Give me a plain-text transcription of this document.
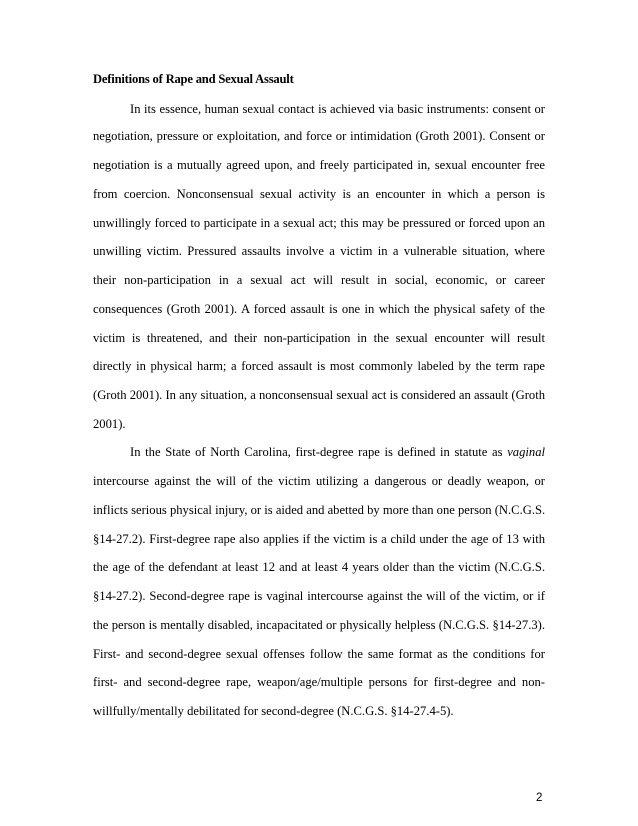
Definitions of Rape and Sexual Assault
In its essence, human sexual contact is achieved via basic instruments: consent or
negotiation, pressure or exploitation, and force or intimidation (Groth 2001). Consent or
negotiation is a mutually agreed upon, and freely participated in, sexual encounter free
from coercion. Nonconsensual sexual activity is an encounter in which a person is
unwillingly forced to participate in a sexual act; this may be pressured or forced upon an
unwilling victim. Pressured assaults involve a victim in a vulnerable situation, where
their non-participation in a sexual act will result in social, economic, or career
consequences (Groth 2001). A forced assault is one in which the physical safety of the
victim is threatened, and their non-participation in the sexual encounter will result
directly in physical harm; a forced assault is most commonly labeled by the term rape
(Groth 2001). In any situation, a nonconsensual sexual act is considered an assault (Groth
2001).
In the State of North Carolina, first-degree rape is defined in statute as vaginal
intercourse against the will of the victim utilizing a dangerous or deadly weapon, or
inflicts serious physical injury, or is aided and abetted by more than one person (N.C.G.S.
§14-27.2). First-degree rape also applies if the victim is a child under the age of 13 with
the age of the defendant at least 12 and at least 4 years older than the victim (N.C.G.S.
§14-27.2). Second-degree rape is vaginal intercourse against the will of the victim, or if
the person is mentally disabled, incapacitated or physically helpless (N.C.G.S. §14-27.3).
First- and second-degree sexual offenses follow the same format as the conditions for
first- and second-degree rape, weapon/age/multiple persons for first-degree and non-
willfully/mentally debilitated for second-degree (N.C.G.S. §14-27.4-5).
2
